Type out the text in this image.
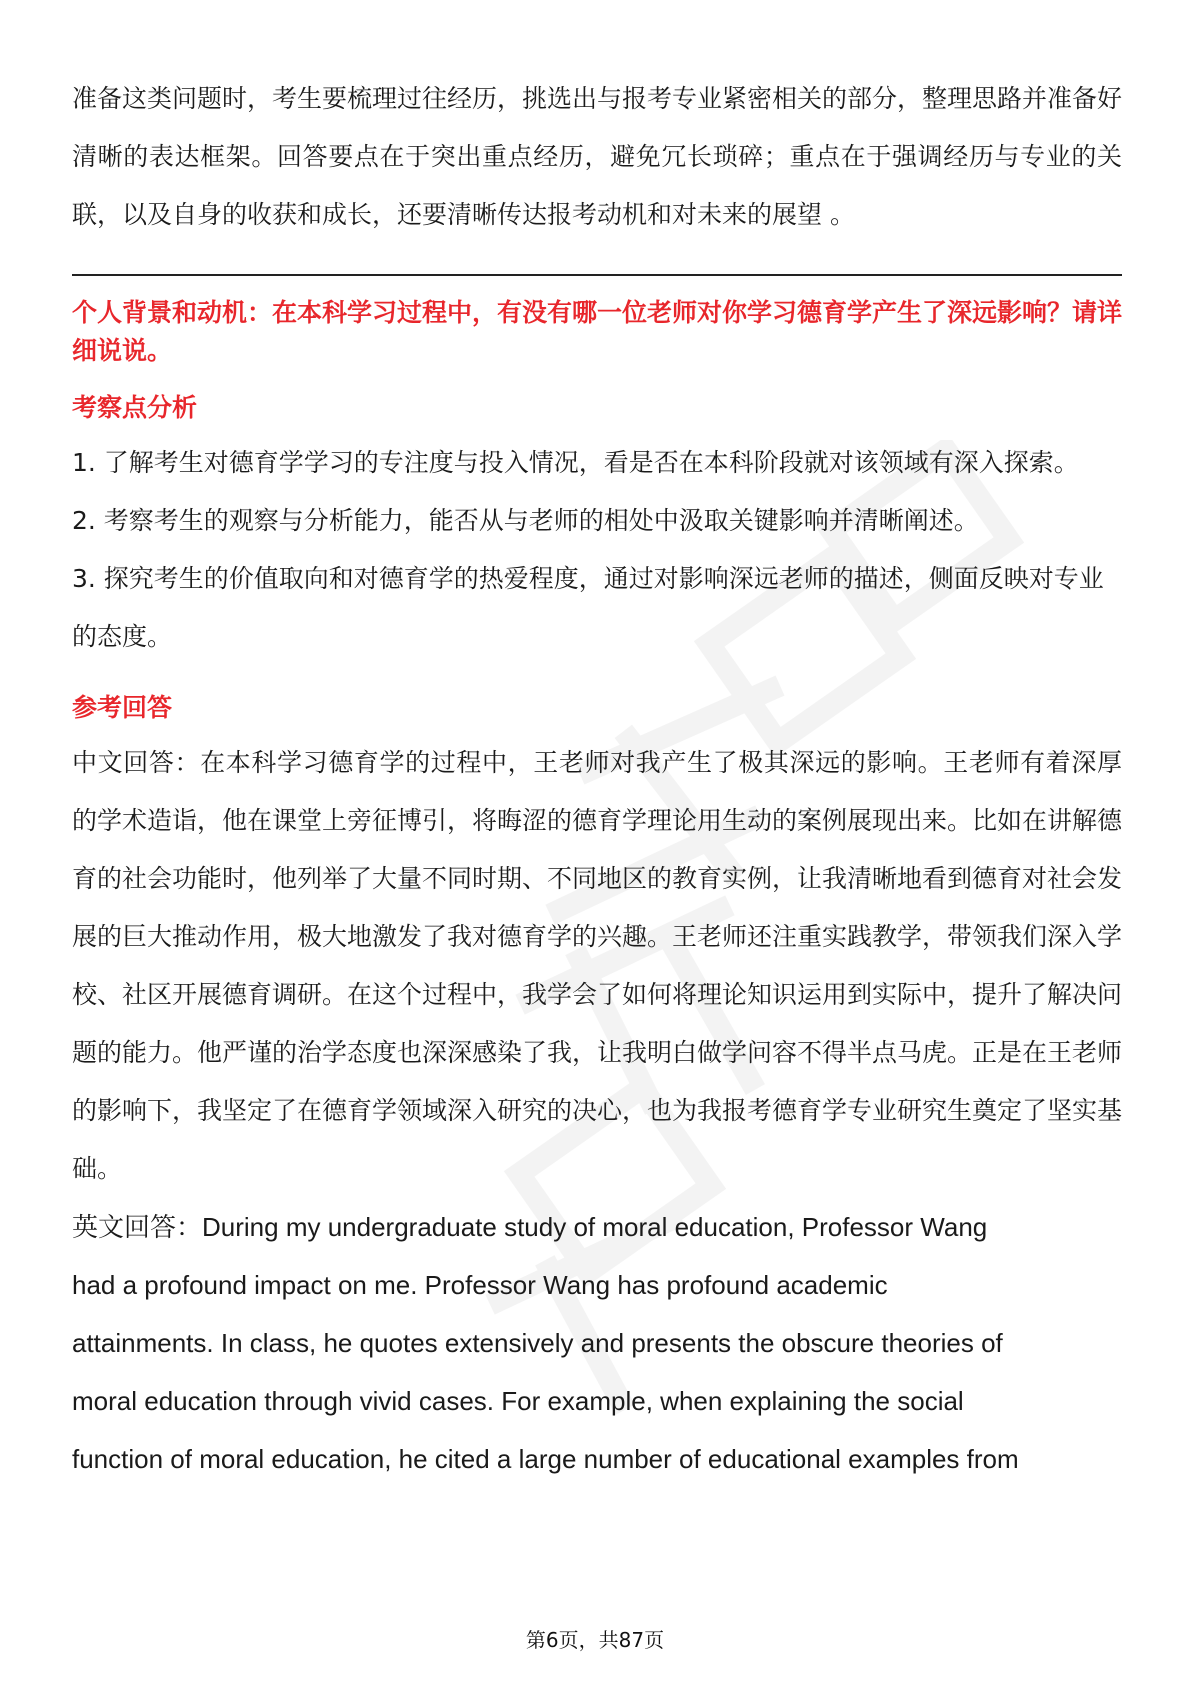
准备这类问题时，考生要梳理过往经历，挑选出与报考专业紧密相关的部分，整理思路并准备好清晰的表达框架。回答要点在于突出重点经历，避免冗长琐碎；重点在于强调经历与专业的关联，以及自身的收获和成长，还要清晰传达报考动机和对未来的展望 。

个人背景和动机：在本科学习过程中，有没有哪一位老师对你学习德育学产生了深远影响？请详细说说。

考察点分析

1. 了解考生对德育学学习的专注度与投入情况，看是否在本科阶段就对该领域有深入探索。

2. 考察考生的观察与分析能力，能否从与老师的相处中汲取关键影响并清晰阐述。

3. 探究考生的价值取向和对德育学的热爱程度，通过对影响深远老师的描述，侧面反映对专业的态度。

参考回答

中文回答：在本科学习德育学的过程中，王老师对我产生了极其深远的影响。王老师有着深厚的学术造诣，他在课堂上旁征博引，将晦涩的德育学理论用生动的案例展现出来。比如在讲解德育的社会功能时，他列举了大量不同时期、不同地区的教育实例，让我清晰地看到德育对社会发展的巨大推动作用，极大地激发了我对德育学的兴趣。王老师还注重实践教学，带领我们深入学校、社区开展德育调研。在这个过程中，我学会了如何将理论知识运用到实际中，提升了解决问题的能力。他严谨的治学态度也深深感染了我，让我明白做学问容不得半点马虎。正是在王老师的影响下，我坚定了在德育学领域深入研究的决心，也为我报考德育学专业研究生奠定了坚实基础。

英文回答：During my undergraduate study of moral education, Professor Wang

had a profound impact on me. Professor Wang has profound academic

attainments. In class, he quotes extensively and presents the obscure theories of

moral education through vivid cases. For example, when explaining the social

function of moral education, he cited a large number of educational examples from

第6页，共87页
